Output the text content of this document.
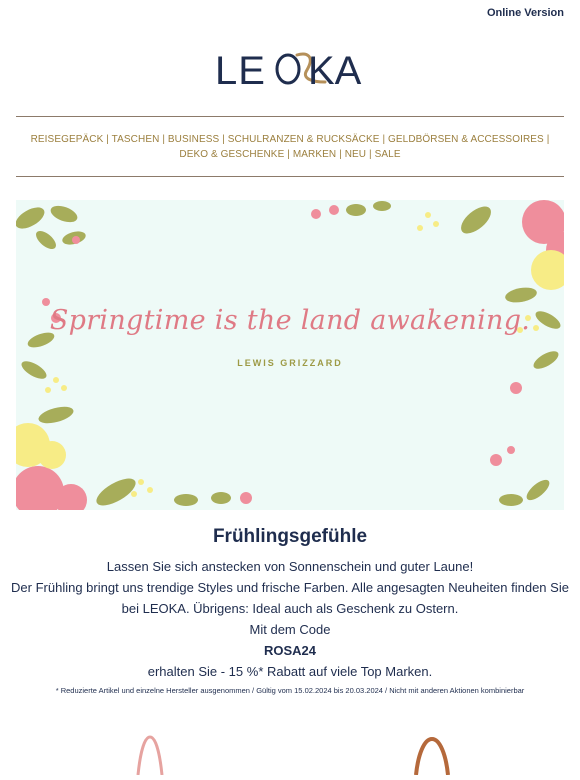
Online Version
LE KA
REISEGEPÄCK | TASCHEN | BUSINESS | SCHULRANZEN & RUCKSÄCKE | GELDBÖRSEN & ACCESSOIRES | DEKO & GESCHENKE | MARKEN | NEU | SALE
Springtime is the land awakening.
LEWIS GRIZZARD
Frühlingsgefühle

Lassen Sie sich anstecken von Sonnenschein und guter Laune!

Der Frühling bringt uns trendige Styles und frische Farben. Alle angesagten Neuheiten finden Sie

bei LEOKA. Übrigens: Ideal auch als Geschenk zu Ostern.

Mit dem Code

ROSA24

erhalten Sie - 15 %* Rabatt auf viele Top Marken.

* Reduzierte Artikel und einzelne Hersteller ausgenommen / Gültig vom 15.02.2024 bis 20.03.2024 / Nicht mit anderen Aktionen kombinierbar
